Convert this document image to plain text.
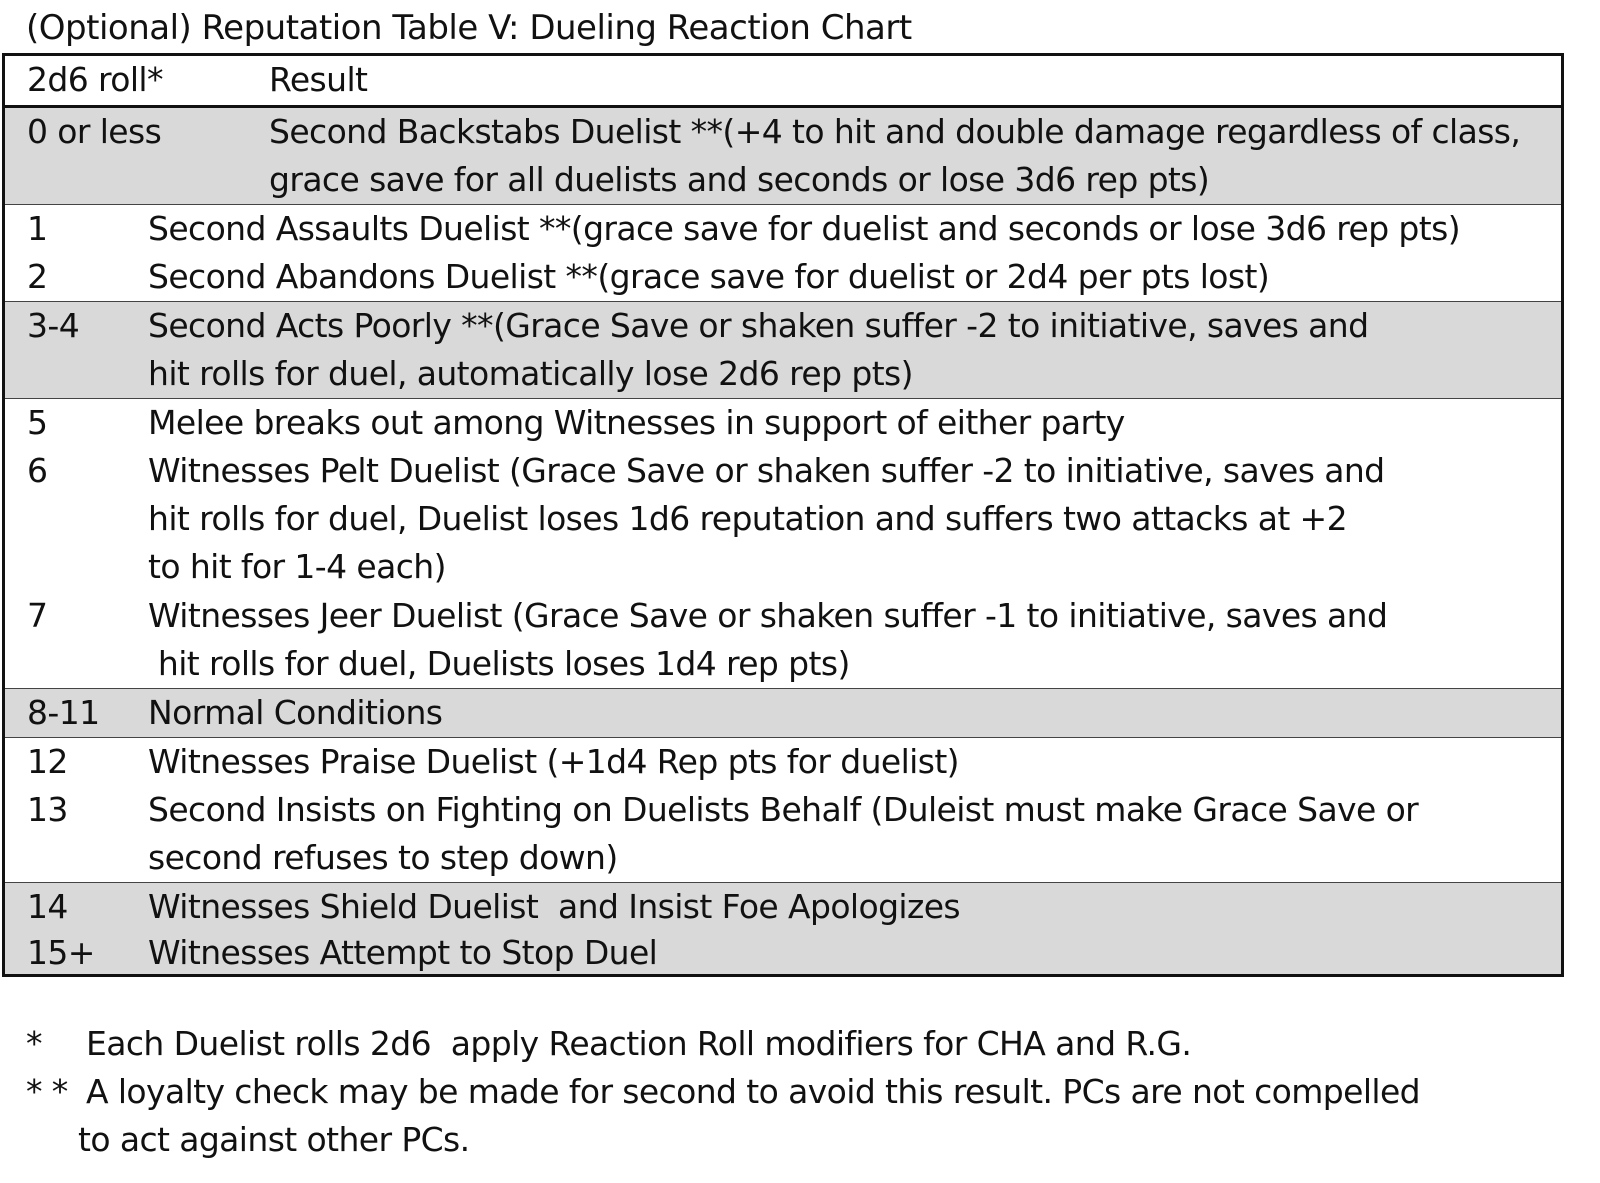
(Optional) Reputation Table V: Dueling Reaction Chart
2d6 roll*	Result
0 or less	Second Backstabs Duelist **(+4 to hit and double damage regardless of class,
grace save for all duelists and seconds or lose 3d6 rep pts)
1	Second Assaults Duelist **(grace save for duelist and seconds or lose 3d6 rep pts)
2	Second Abandons Duelist **(grace save for duelist or 2d4 per pts lost)
3-4 Second Acts Poorly **(Grace Save or shaken suffer -2 to initiative, saves and
hit rolls for duel, automatically lose 2d6 rep pts)
5	Melee breaks out among Witnesses in support of either party
6	Witnesses Pelt Duelist (Grace Save or shaken suffer -2 to initiative, saves and
hit rolls for duel, Duelist loses 1d6 reputation and suffers two attacks at +2
to hit for 1-4 each)
7	Witnesses Jeer Duelist (Grace Save or shaken suffer -1 to initiative, saves and
hit rolls for duel, Duelists loses 1d4 rep pts)
8-11 Normal Conditions
12 Witnesses Praise Duelist (+1d4 Rep pts for duelist)
13 Second Insists on Fighting on Duelists Behalf (Duleist must make Grace Save or
second refuses to step down)
14 Witnesses Shield Duelist  and Insist Foe Apologizes
15+ Witnesses Attempt to Stop Duel
* Each Duelist rolls 2d6  apply Reaction Roll modifiers for CHA and R.G.
* * A loyalty check may be made for second to avoid this result. PCs are not compelled
to act against other PCs.
